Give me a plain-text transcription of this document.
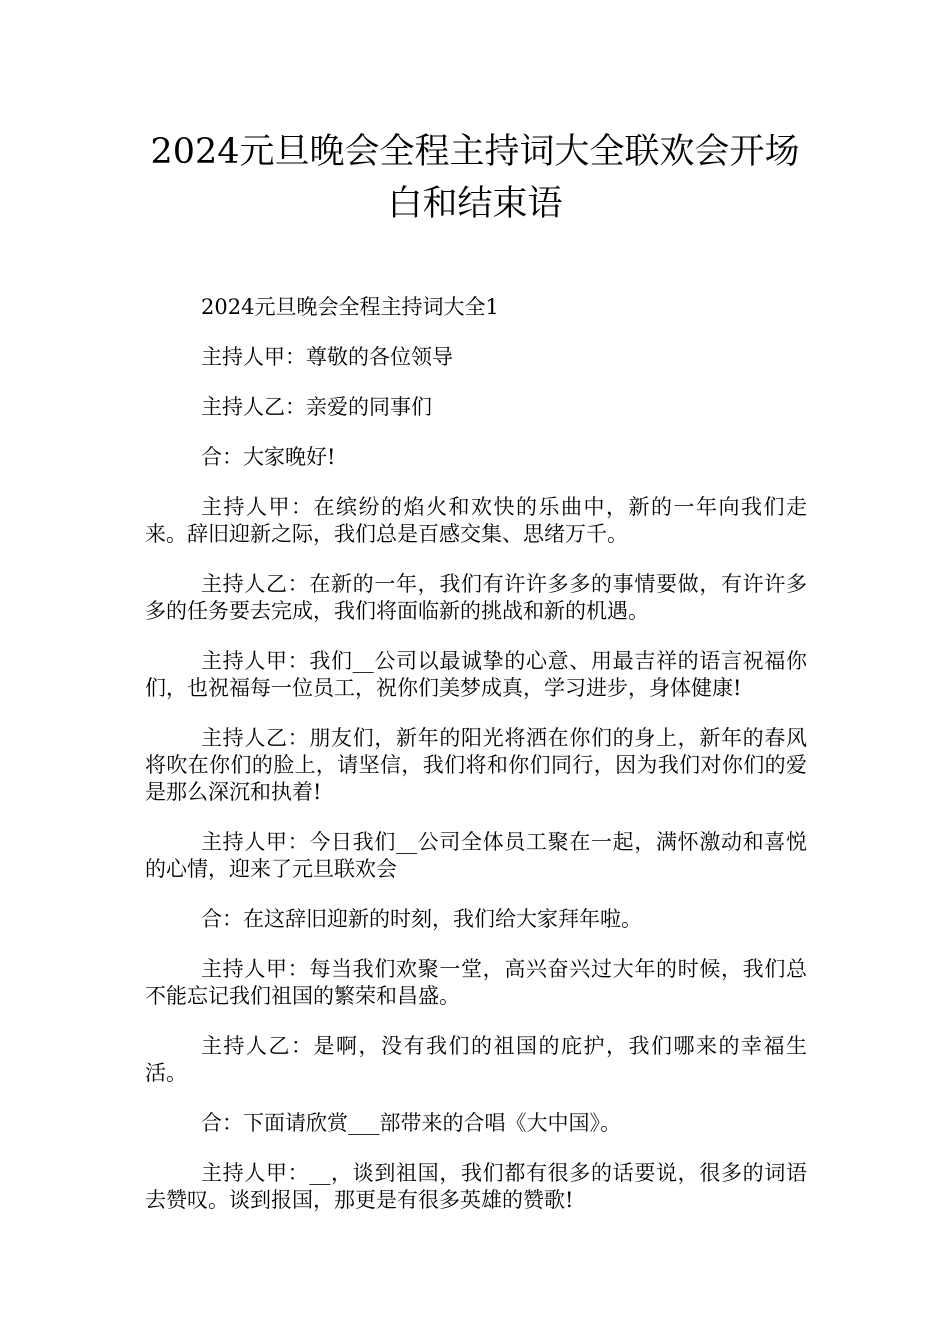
2024元旦晚会全程主持词大全联欢会开场
白和结束语

2024元旦晚会全程主持词大全1

主持人甲：尊敬的各位领导

主持人乙：亲爱的同事们

合：大家晚好!

主持人甲：在缤纷的焰火和欢快的乐曲中，新的一年向我们走来。辞旧迎新之际，我们总是百感交集、思绪万千。

主持人乙：在新的一年，我们有许许多多的事情要做，有许许多多的任务要去完成，我们将面临新的挑战和新的机遇。

主持人甲：我们__公司以最诚挚的心意、用最吉祥的语言祝福你们，也祝福每一位员工，祝你们美梦成真，学习进步，身体健康!

主持人乙：朋友们，新年的阳光将洒在你们的身上，新年的春风将吹在你们的脸上，请坚信，我们将和你们同行，因为我们对你们的爱是那么深沉和执着!

主持人甲：今日我们__公司全体员工聚在一起，满怀激动和喜悦的心情，迎来了元旦联欢会

合：在这辞旧迎新的时刻，我们给大家拜年啦。

主持人甲：每当我们欢聚一堂，高兴奋兴过大年的时候，我们总不能忘记我们祖国的繁荣和昌盛。

主持人乙：是啊，没有我们的祖国的庇护，我们哪来的幸福生活。

合：下面请欣赏___部带来的合唱《大中国》。

主持人甲：__，谈到祖国，我们都有很多的话要说，很多的词语去赞叹。谈到报国，那更是有很多英雄的赞歌!
